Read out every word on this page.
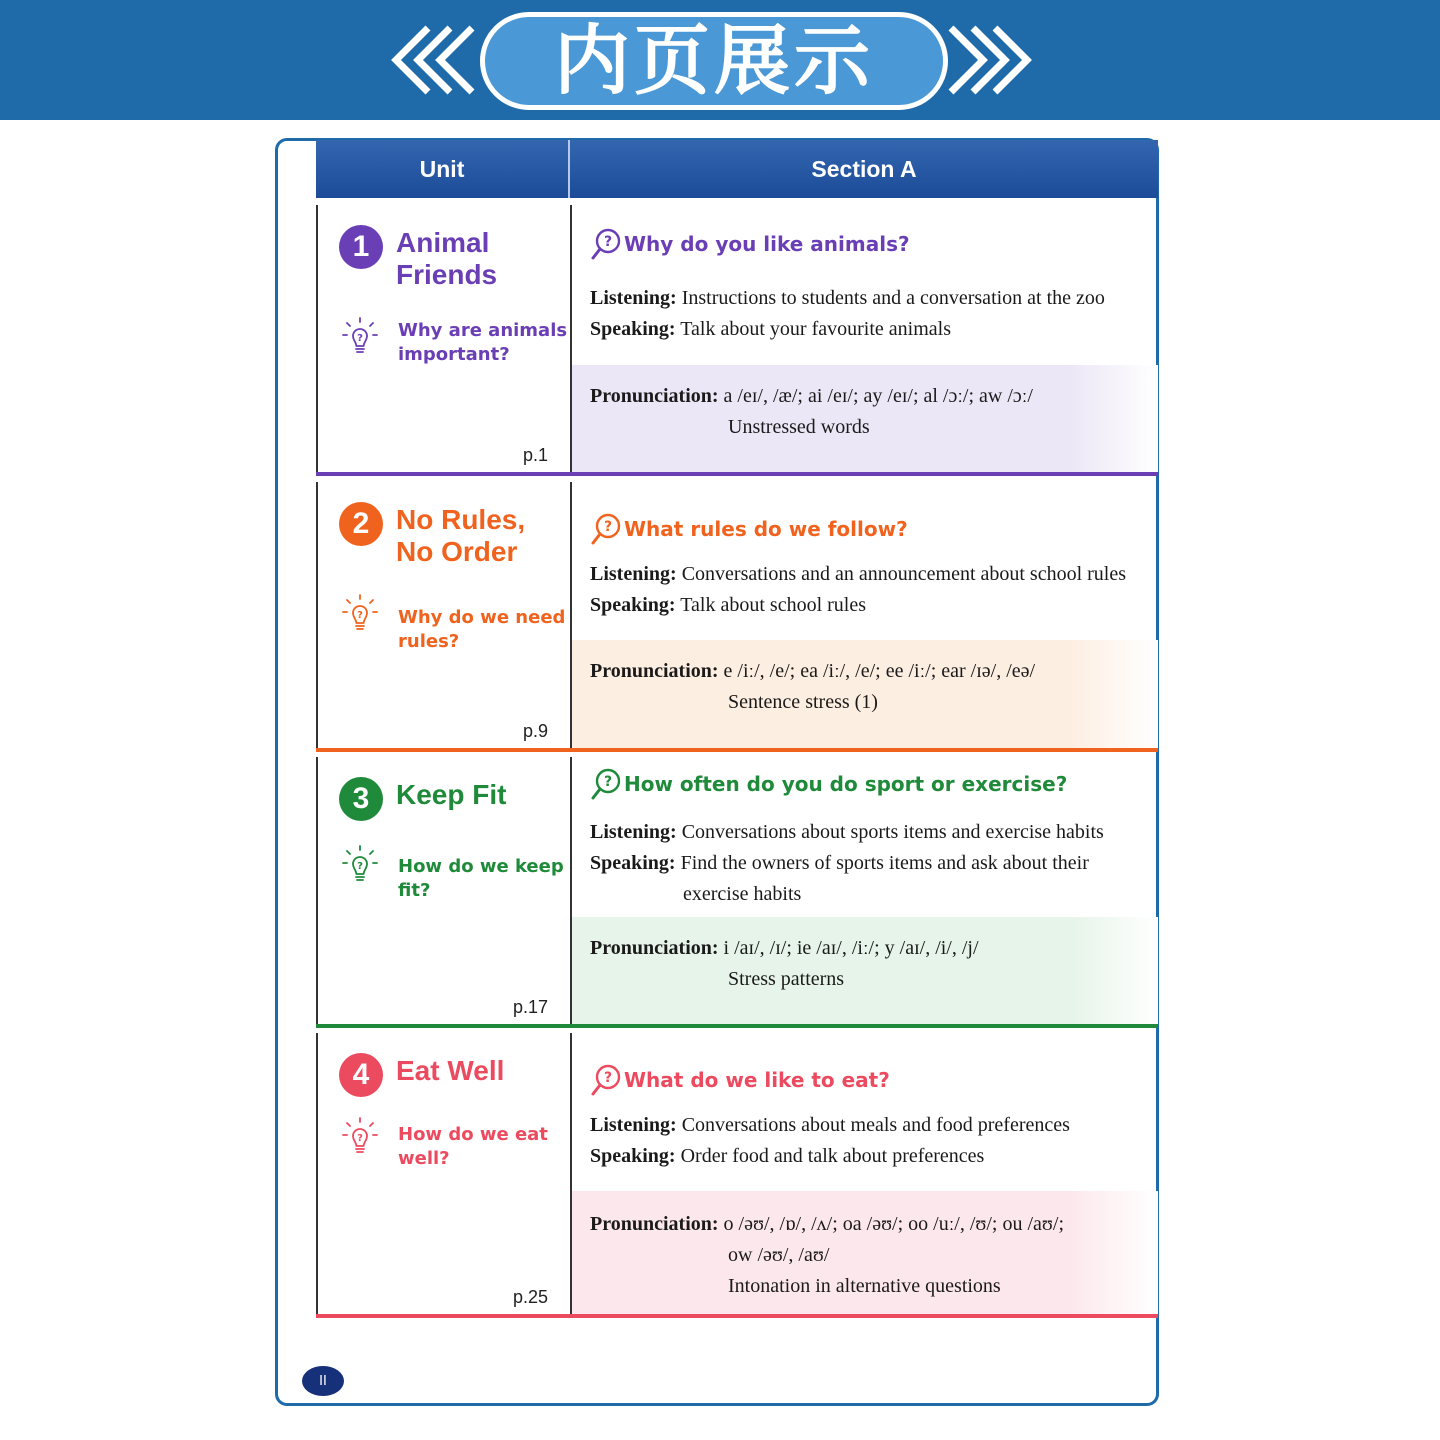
内页展示
Unit	Section A
1 Animal Friends
? Why are animals important?
p.1
? Why do you like animals?
Listening: Instructions to students and a conversation at the zoo
Speaking: Talk about your favourite animals
Pronunciation: a /eɪ/, /æ/; ai /eɪ/; ay /eɪ/; al /ɔː/; aw /ɔː/
Unstressed words
2 No Rules, No Order
? Why do we need rules?
p.9
? What rules do we follow?
Listening: Conversations and an announcement about school rules
Speaking: Talk about school rules
Pronunciation: e /iː/, /e/; ea /iː/, /e/; ee /iː/; ear /ɪə/, /eə/
Sentence stress (1)
3 Keep Fit
? How do we keep fit?
p.17
? How often do you do sport or exercise?
Listening: Conversations about sports items and exercise habits
Speaking: Find the owners of sports items and ask about their
exercise habits
Pronunciation: i /aɪ/, /ɪ/; ie /aɪ/, /iː/; y /aɪ/, /i/, /j/
Stress patterns
4 Eat Well
? How do we eat well?
p.25
? What do we like to eat?
Listening: Conversations about meals and food preferences
Speaking: Order food and talk about preferences
Pronunciation: o /əʊ/, /ɒ/, /ʌ/; oa /əʊ/; oo /uː/, /ʊ/; ou /aʊ/;
ow /əʊ/, /aʊ/
Intonation in alternative questions
II
